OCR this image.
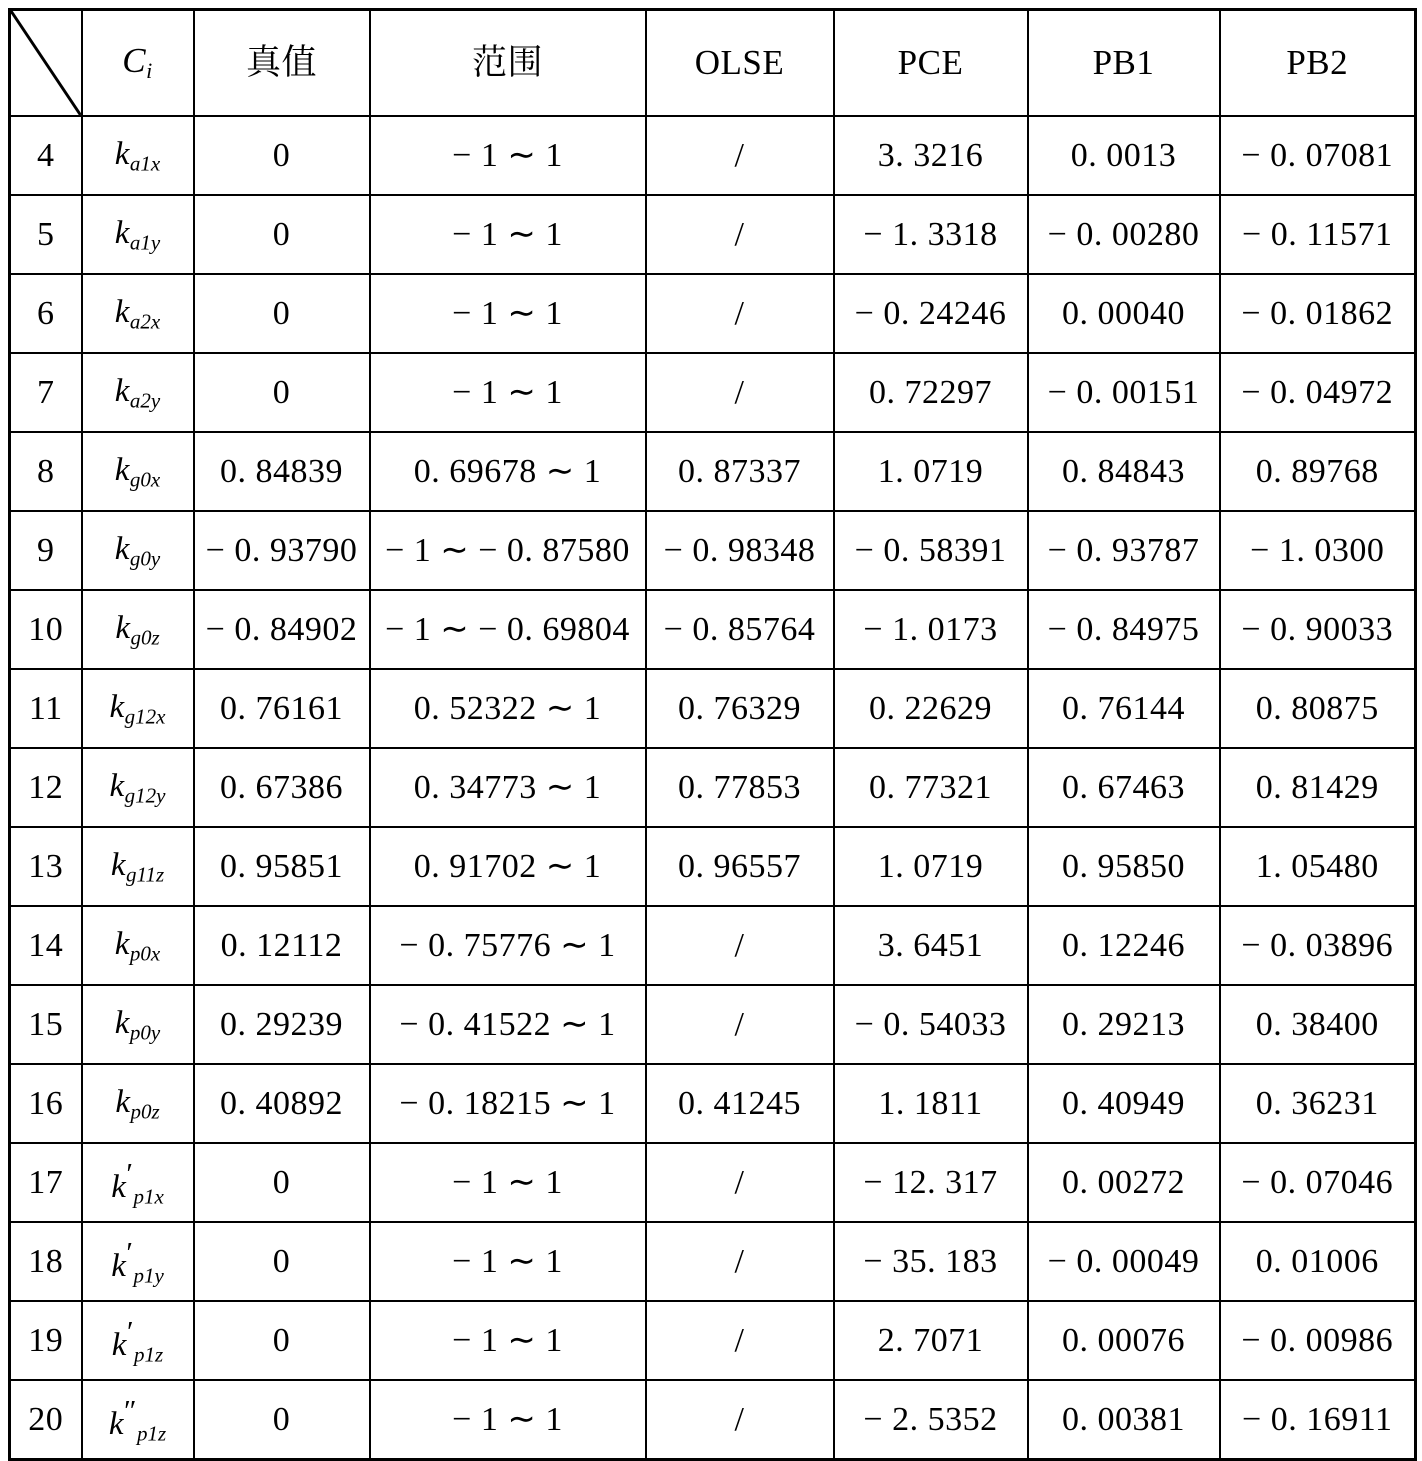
	$C_i$	真值	范围	OLSE	PCE	PB1	PB2
4	$k_{a1x}$	0	− 1 ∼ 1	/	3. 3216	0. 0013	− 0. 07081
5	$k_{a1y}$	0	− 1 ∼ 1	/	− 1. 3318	− 0. 00280	− 0. 11571
6	$k_{a2x}$	0	− 1 ∼ 1	/	− 0. 24246	0. 00040	− 0. 01862
7	$k_{a2y}$	0	− 1 ∼ 1	/	0. 72297	− 0. 00151	− 0. 04972
8	$k_{g0x}$	0. 84839	0. 69678 ∼ 1	0. 87337	1. 0719	0. 84843	0. 89768
9	$k_{g0y}$	− 0. 93790	− 1 ∼ − 0. 87580	− 0. 98348	− 0. 58391	− 0. 93787	− 1. 0300
10	$k_{g0z}$	− 0. 84902	− 1 ∼ − 0. 69804	− 0. 85764	− 1. 0173	− 0. 84975	− 0. 90033
11	$k_{g12x}$	0. 76161	0. 52322 ∼ 1	0. 76329	0. 22629	0. 76144	0. 80875
12	$k_{g12y}$	0. 67386	0. 34773 ∼ 1	0. 77853	0. 77321	0. 67463	0. 81429
13	$k_{g11z}$	0. 95851	0. 91702 ∼ 1	0. 96557	1. 0719	0. 95850	1. 05480
14	$k_{p0x}$	0. 12112	− 0. 75776 ∼ 1	/	3. 6451	0. 12246	− 0. 03896
15	$k_{p0y}$	0. 29239	− 0. 41522 ∼ 1	/	− 0. 54033	0. 29213	0. 38400
16	$k_{p0z}$	0. 40892	− 0. 18215 ∼ 1	0. 41245	1. 1811	0. 40949	0. 36231
17	$k'_{p1x}$	0	− 1 ∼ 1	/	− 12. 317	0. 00272	− 0. 07046
18	$k'_{p1y}$	0	− 1 ∼ 1	/	− 35. 183	− 0. 00049	0. 01006
19	$k'_{p1z}$	0	− 1 ∼ 1	/	2. 7071	0. 00076	− 0. 00986
20	$k''_{p1z}$	0	− 1 ∼ 1	/	− 2. 5352	0. 00381	− 0. 16911
